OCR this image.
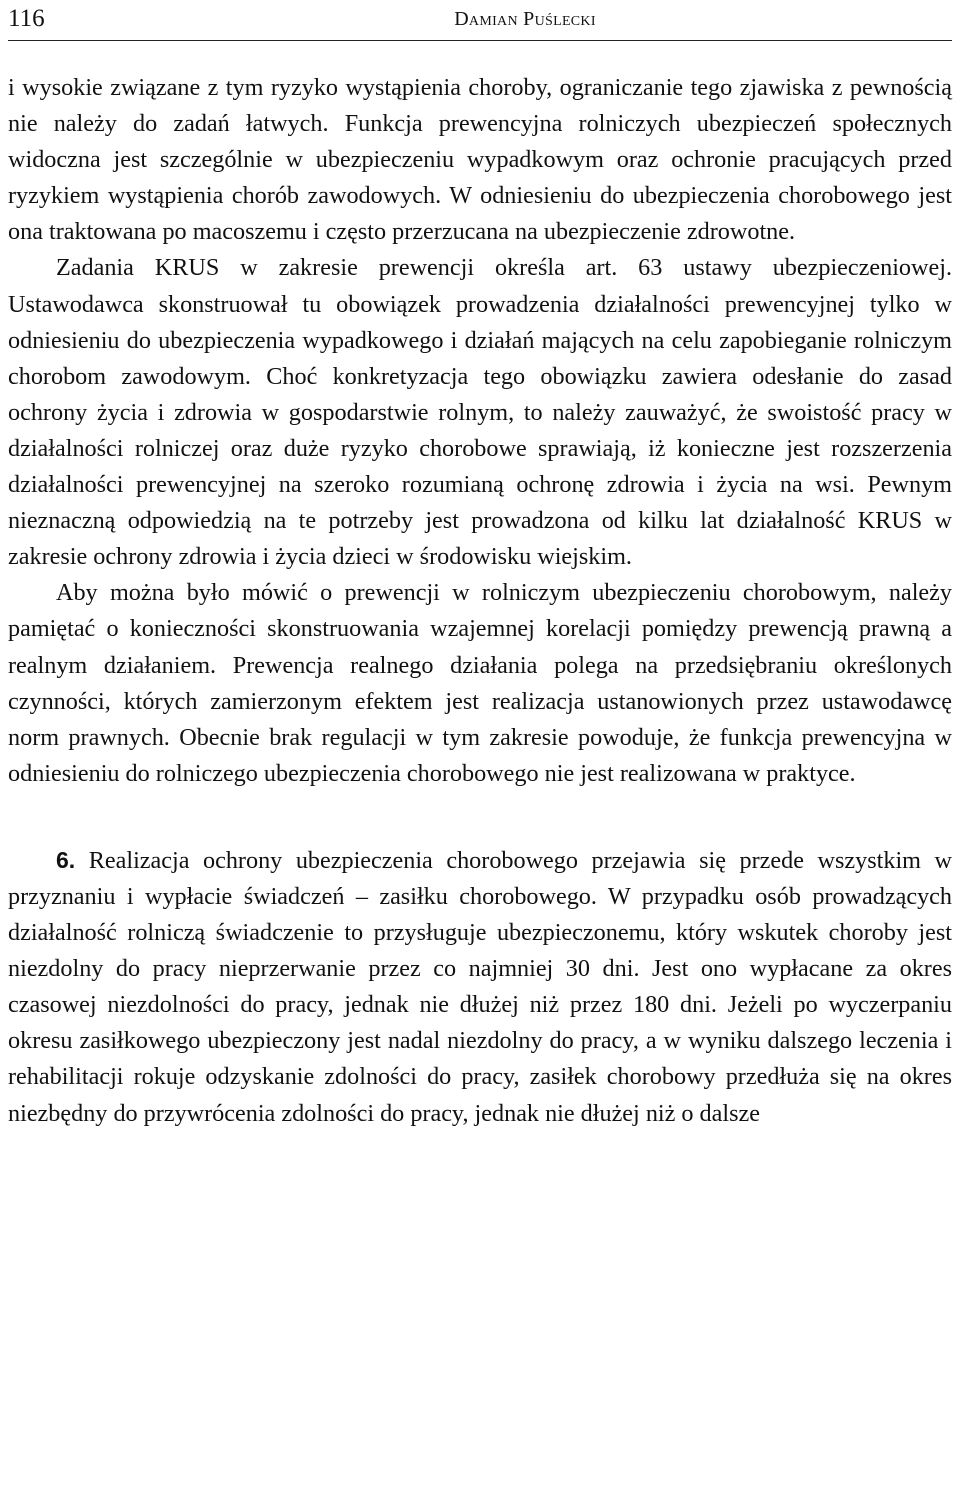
116	Damian Puślecki

i wysokie związane z tym ryzyko wystąpienia choroby, ograniczanie tego zjawiska z pewnością nie należy do zadań łatwych. Funkcja prewencyjna rolniczych ubezpieczeń społecznych widoczna jest szczególnie w ubezpieczeniu wypadkowym oraz ochronie pracujących przed ryzykiem wystąpienia chorób zawodowych. W odniesieniu do ubezpieczenia chorobowego jest ona traktowana po macoszemu i często przerzucana na ubezpieczenie zdrowotne.

Zadania KRUS w zakresie prewencji określa art. 63 ustawy ubezpieczeniowej. Ustawodawca skonstruował tu obowiązek prowadzenia działalności prewencyjnej tylko w odniesieniu do ubezpieczenia wypadkowego i działań mających na celu zapobieganie rolniczym chorobom zawodowym. Choć konkretyzacja tego obowiązku zawiera odesłanie do zasad ochrony życia i zdrowia w gospodarstwie rolnym, to należy zauważyć, że swoistość pracy w działalności rolniczej oraz duże ryzyko chorobowe sprawiają, iż konieczne jest rozszerzenia działalności prewencyjnej na szeroko rozumianą ochronę zdrowia i życia na wsi. Pewnym nieznaczną odpowiedzią na te potrzeby jest prowadzona od kilku lat działalność KRUS w zakresie ochrony zdrowia i życia dzieci w środowisku wiejskim.

Aby można było mówić o prewencji w rolniczym ubezpieczeniu chorobowym, należy pamiętać o konieczności skonstruowania wzajemnej korelacji pomiędzy prewencją prawną a realnym działaniem. Prewencja realnego działania polega na przedsiębraniu określonych czynności, których zamierzonym efektem jest realizacja ustanowionych przez ustawodawcę norm prawnych. Obecnie brak regulacji w tym zakresie powoduje, że funkcja prewencyjna w odniesieniu do rolniczego ubezpieczenia chorobowego nie jest realizowana w praktyce.

6. Realizacja ochrony ubezpieczenia chorobowego przejawia się przede wszystkim w przyznaniu i wypłacie świadczeń – zasiłku chorobowego. W przypadku osób prowadzących działalność rolniczą świadczenie to przysługuje ubezpieczonemu, który wskutek choroby jest niezdolny do pracy nieprzerwanie przez co najmniej 30 dni. Jest ono wypłacane za okres czasowej niezdolności do pracy, jednak nie dłużej niż przez 180 dni. Jeżeli po wyczerpaniu okresu zasiłkowego ubezpieczony jest nadal niezdolny do pracy, a w wyniku dalszego leczenia i rehabilitacji rokuje odzyskanie zdolności do pracy, zasiłek chorobowy przedłuża się na okres niezbędny do przywrócenia zdolności do pracy, jednak nie dłużej niż o dalsze
